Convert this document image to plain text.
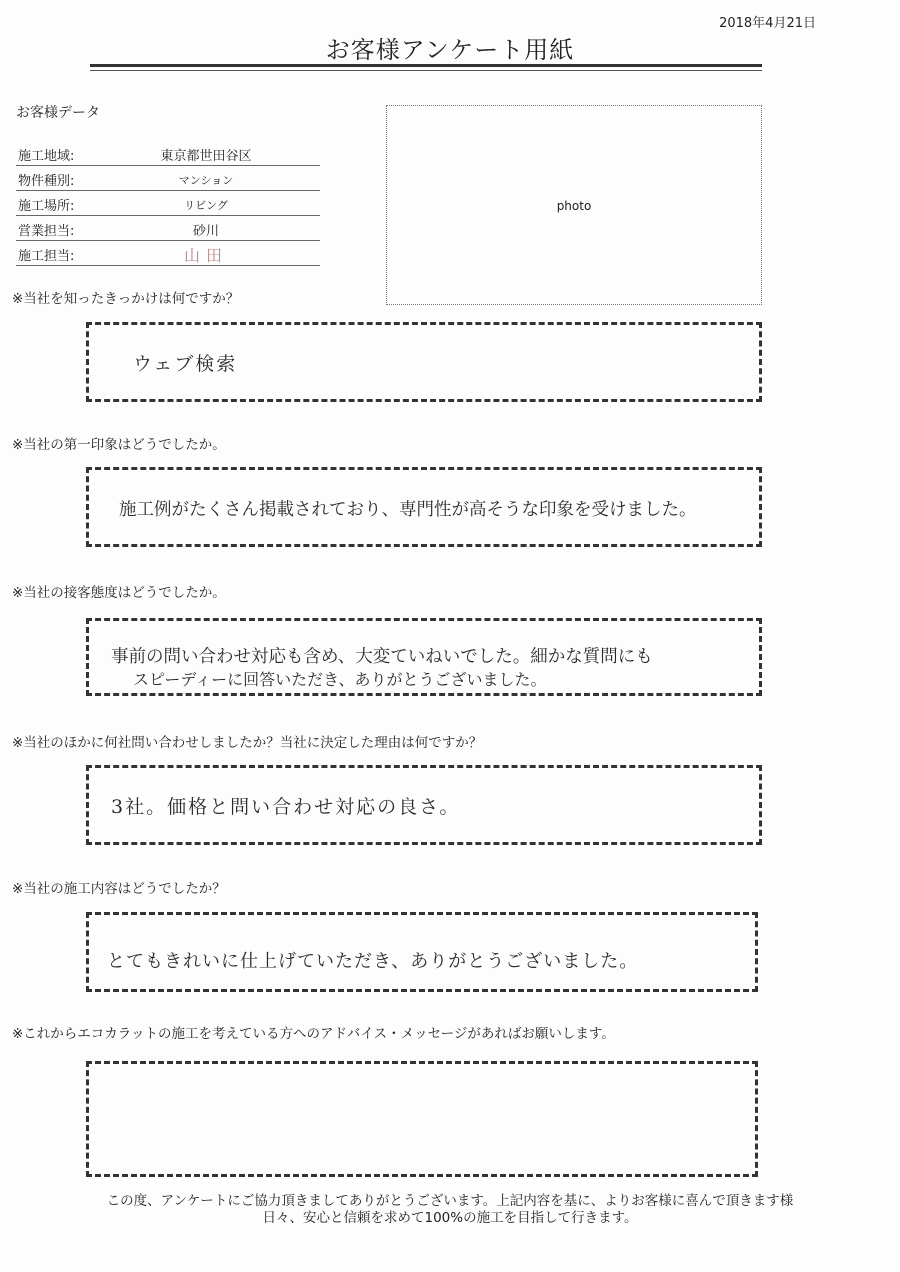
2018年4月21日
お客様アンケート用紙
お客様データ
施工地域:	東京都世田谷区
物件種別:	マンション
施工場所:	リビング
営業担当:	砂川
施工担当:	山田
photo
※当社を知ったきっかけは何ですか？
ウェブ検索
※当社の第一印象はどうでしたか。
施工例がたくさん掲載されており、専門性が高そうな印象を受けました。
※当社の接客態度はどうでしたか。
事前の問い合わせ対応も含め、大変ていねいでした。細かな質問にも
スピーディーに回答いただき、ありがとうございました。
※当社のほかに何社問い合わせしましたか？当社に決定した理由は何ですか？
3社。価格と問い合わせ対応の良さ。
※当社の施工内容はどうでしたか？
とてもきれいに仕上げていただき、ありがとうございました。
※これからエコカラットの施工を考えている方へのアドバイス・メッセージがあればお願いします。
この度、アンケートにご協力頂きましてありがとうございます。上記内容を基に、よりお客様に喜んで頂きます様
日々、安心と信頼を求めて100%の施工を目指して行きます。
